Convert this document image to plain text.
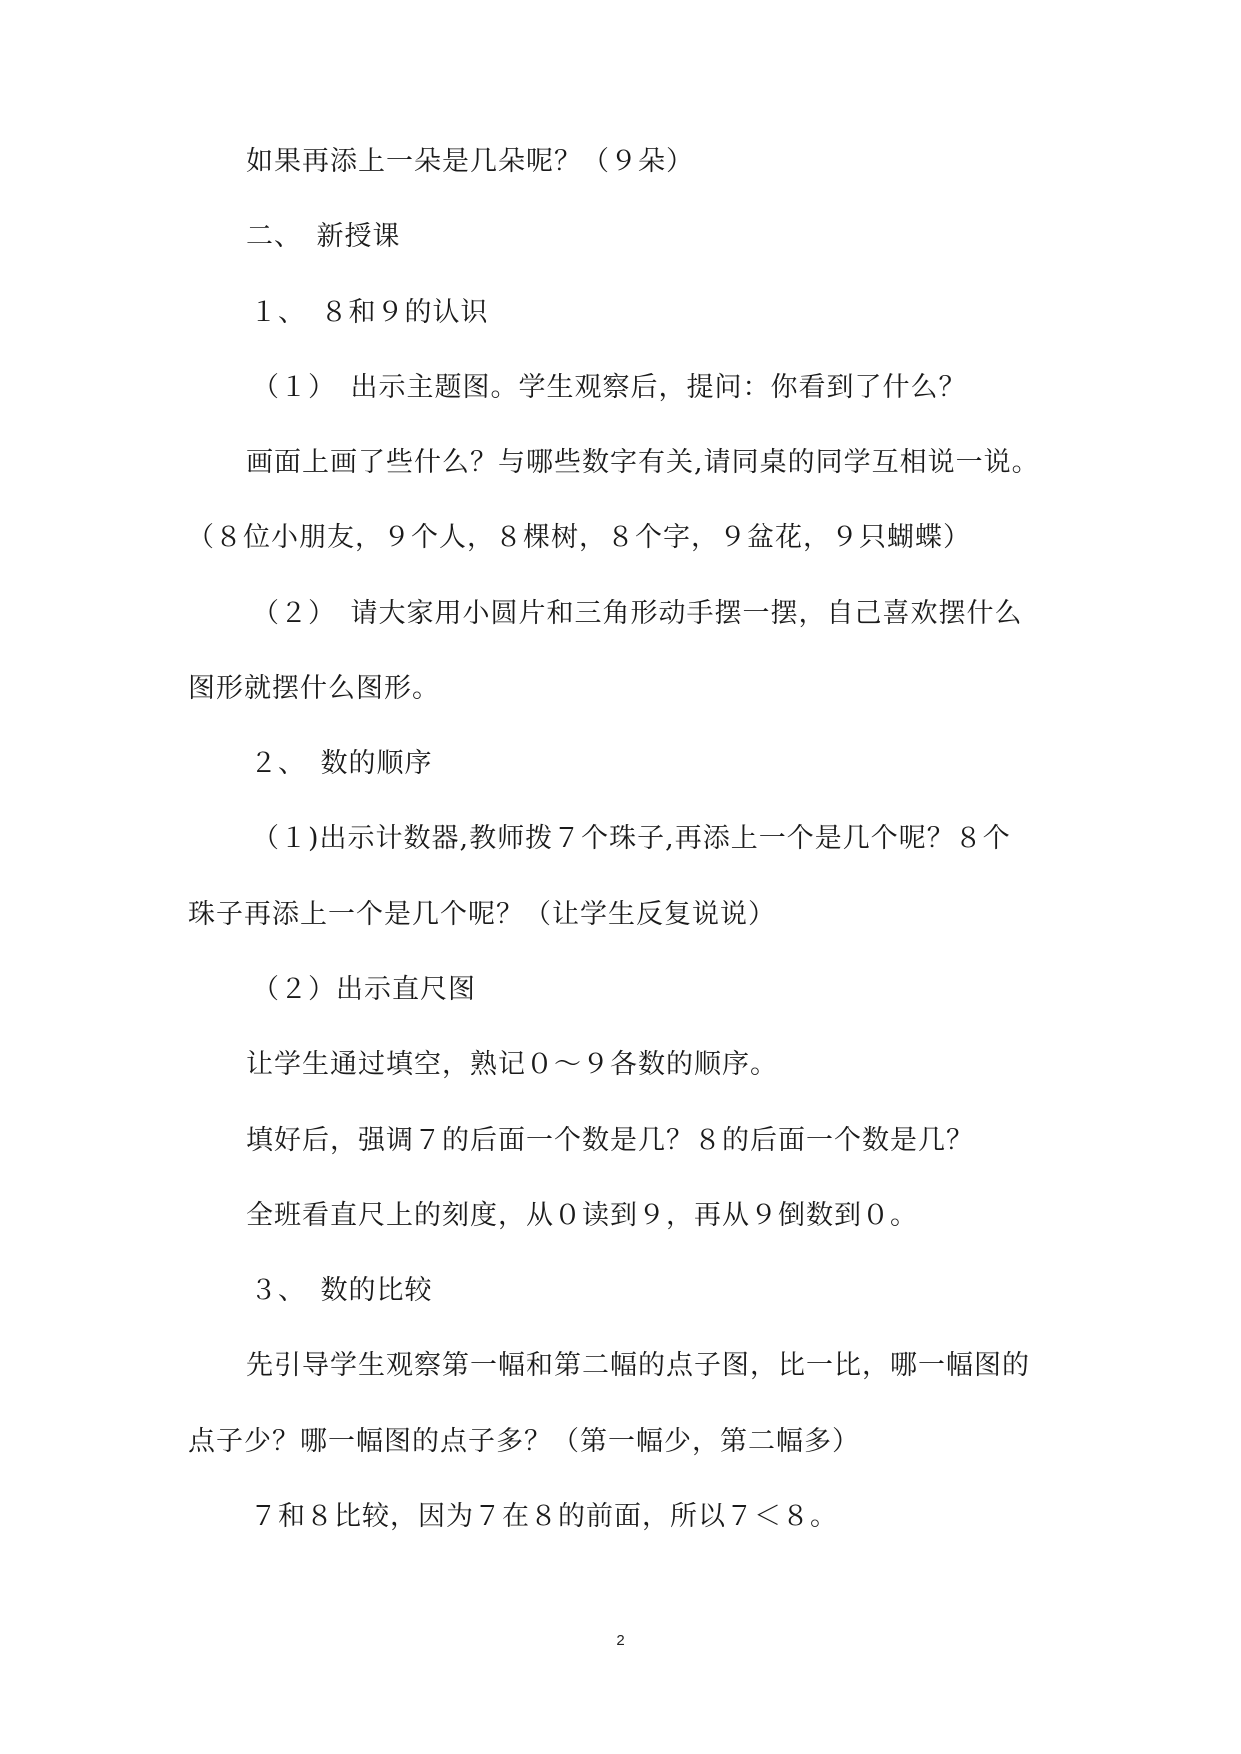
如果再添上一朵是几朵呢？（９朵）
二、　新授课
１、　８和９的认识
（１）　出示主题图。学生观察后，提问：你看到了什么？
画面上画了些什么？与哪些数字有关,请同桌的同学互相说一说。
（８位小朋友，９个人，８棵树，８个字，９盆花，９只蝴蝶）
（２）　请大家用小圆片和三角形动手摆一摆，自己喜欢摆什么
图形就摆什么图形。
２、　数的顺序
（１)出示计数器,教师拨７个珠子,再添上一个是几个呢？８个
珠子再添上一个是几个呢？（让学生反复说说）
（２）出示直尺图
让学生通过填空，熟记０～９各数的顺序。
填好后，强调７的后面一个数是几？８的后面一个数是几？
全班看直尺上的刻度，从０读到９，再从９倒数到０。
３、　数的比较
先引导学生观察第一幅和第二幅的点子图，比一比，哪一幅图的
点子少？哪一幅图的点子多？（第一幅少，第二幅多）
７和８比较，因为７在８的前面，所以７＜８。
2
